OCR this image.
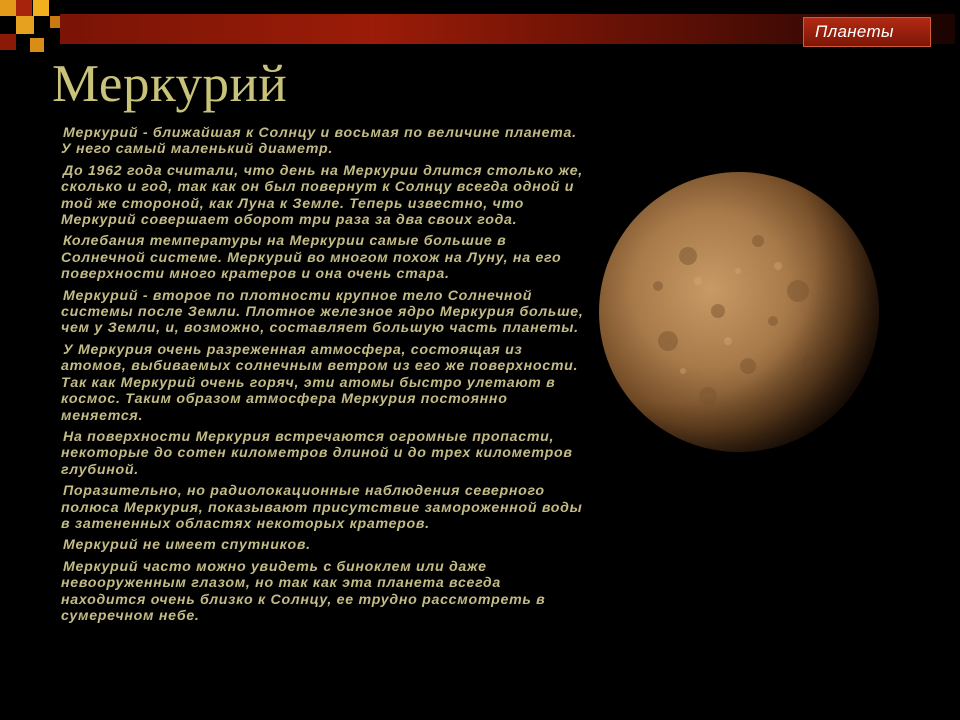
Планеты
Меркурий

Меркурий - ближайшая к Солнцу и восьмая по величине планета. У него самый маленький диаметр.

До 1962 года считали, что день на Меркурии длится столько же, сколько и год, так как он был повернут к Солнцу всегда одной и той же стороной, как Луна к Земле. Теперь известно, что Меркурий совершает оборот три раза за два своих года.

Колебания температуры на Меркурии самые большие в Солнечной системе. Меркурий во многом похож на Луну, на его поверхности много кратеров и она очень стара.

Меркурий - второе по плотности крупное тело Солнечной системы после Земли. Плотное железное ядро Меркурия больше, чем у Земли, и, возможно, составляет большую часть планеты.

У Меркурия очень разреженная атмосфера, состоящая из атомов, выбиваемых солнечным ветром из его же поверхности. Так как Меркурий очень горяч, эти атомы быстро улетают в космос. Таким образом атмосфера Меркурия постоянно меняется.

На поверхности Меркурия встречаются огромные пропасти, некоторые до сотен километров длиной и до трех километров глубиной.

Поразительно, но радиолокационные наблюдения северного полюса Меркурия, показывают присутствие замороженной воды в затененных областях некоторых кратеров.

Меркурий не имеет спутников.

Меркурий часто можно увидеть с биноклем или даже невооруженным глазом, но так как эта планета всегда находится очень близко к Солнцу, ее трудно рассмотреть в сумеречном небе.
